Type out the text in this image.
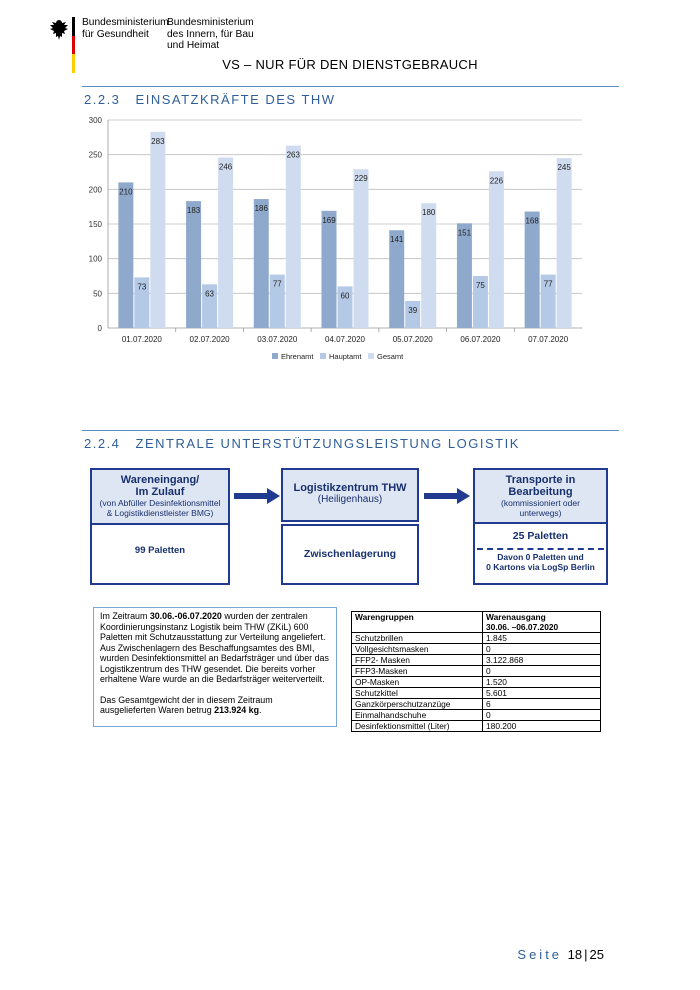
Bundesministerium
für Gesundheit
Bundesministerium
des Innern, für Bau
und Heimat
VS – NUR FÜR DEN DIENSTGEBRAUCH
2.2.3 EINSATZKRÄFTE DES THW
210
73
283
183
63
246
186
77
263
169
60
229
141
39
180
151
75
226
168
77
245
0
50
100
150
200
250
300
01.07.2020	02.07.2020	03.07.2020	04.07.2020	05.07.2020	06.07.2020	07.07.2020
Ehrenamt Hauptamt Gesamt
2.2.4 ZENTRALE UNTERSTÜTZUNGSLEISTUNG LOGISTIK
Wareneingang/
Im Zulauf
(von Abfüller Desinfektionsmittel
& Logistikdienstleister BMG)
99 Paletten
Logistikzentrum THW
(Heiligenhaus)
Zwischenlagerung
Transporte in
Bearbeitung
(kommissioniert oder
unterwegs)
25 Paletten
Davon 0 Paletten und
0 Kartons via LogSp Berlin

Im Zeitraum 30.06.-06.07.2020 wurden der zentralen Koordinierungsinstanz Logistik beim THW (ZKiL) 600 Paletten mit Schutzausstattung zur Verteilung angeliefert. Aus Zwischenlagern des Beschaffungsamtes des BMI, wurden Desinfektionsmittel an Bedarfsträger und über das Logistikzentrum des THW gesendet. Die bereits vorher erhaltene Ware wurde an die Bedarfsträger weiterverteilt.

Das Gesamtgewicht der in diesem Zeitraum ausgelieferten Waren betrug 213.924 kg.

Warengruppen	Warenausgang
30.06. –06.07.2020
Schutzbrillen	1.845
Vollgesichtsmasken	0
FFP2- Masken	3.122.868
FFP3-Masken	0
OP-Masken	1.520
Schutzkittel	5.601
Ganzkörperschutzanzüge	6
Einmalhandschuhe	0
Desinfektionsmittel (Liter)	180.200
Seite 18 | 25
